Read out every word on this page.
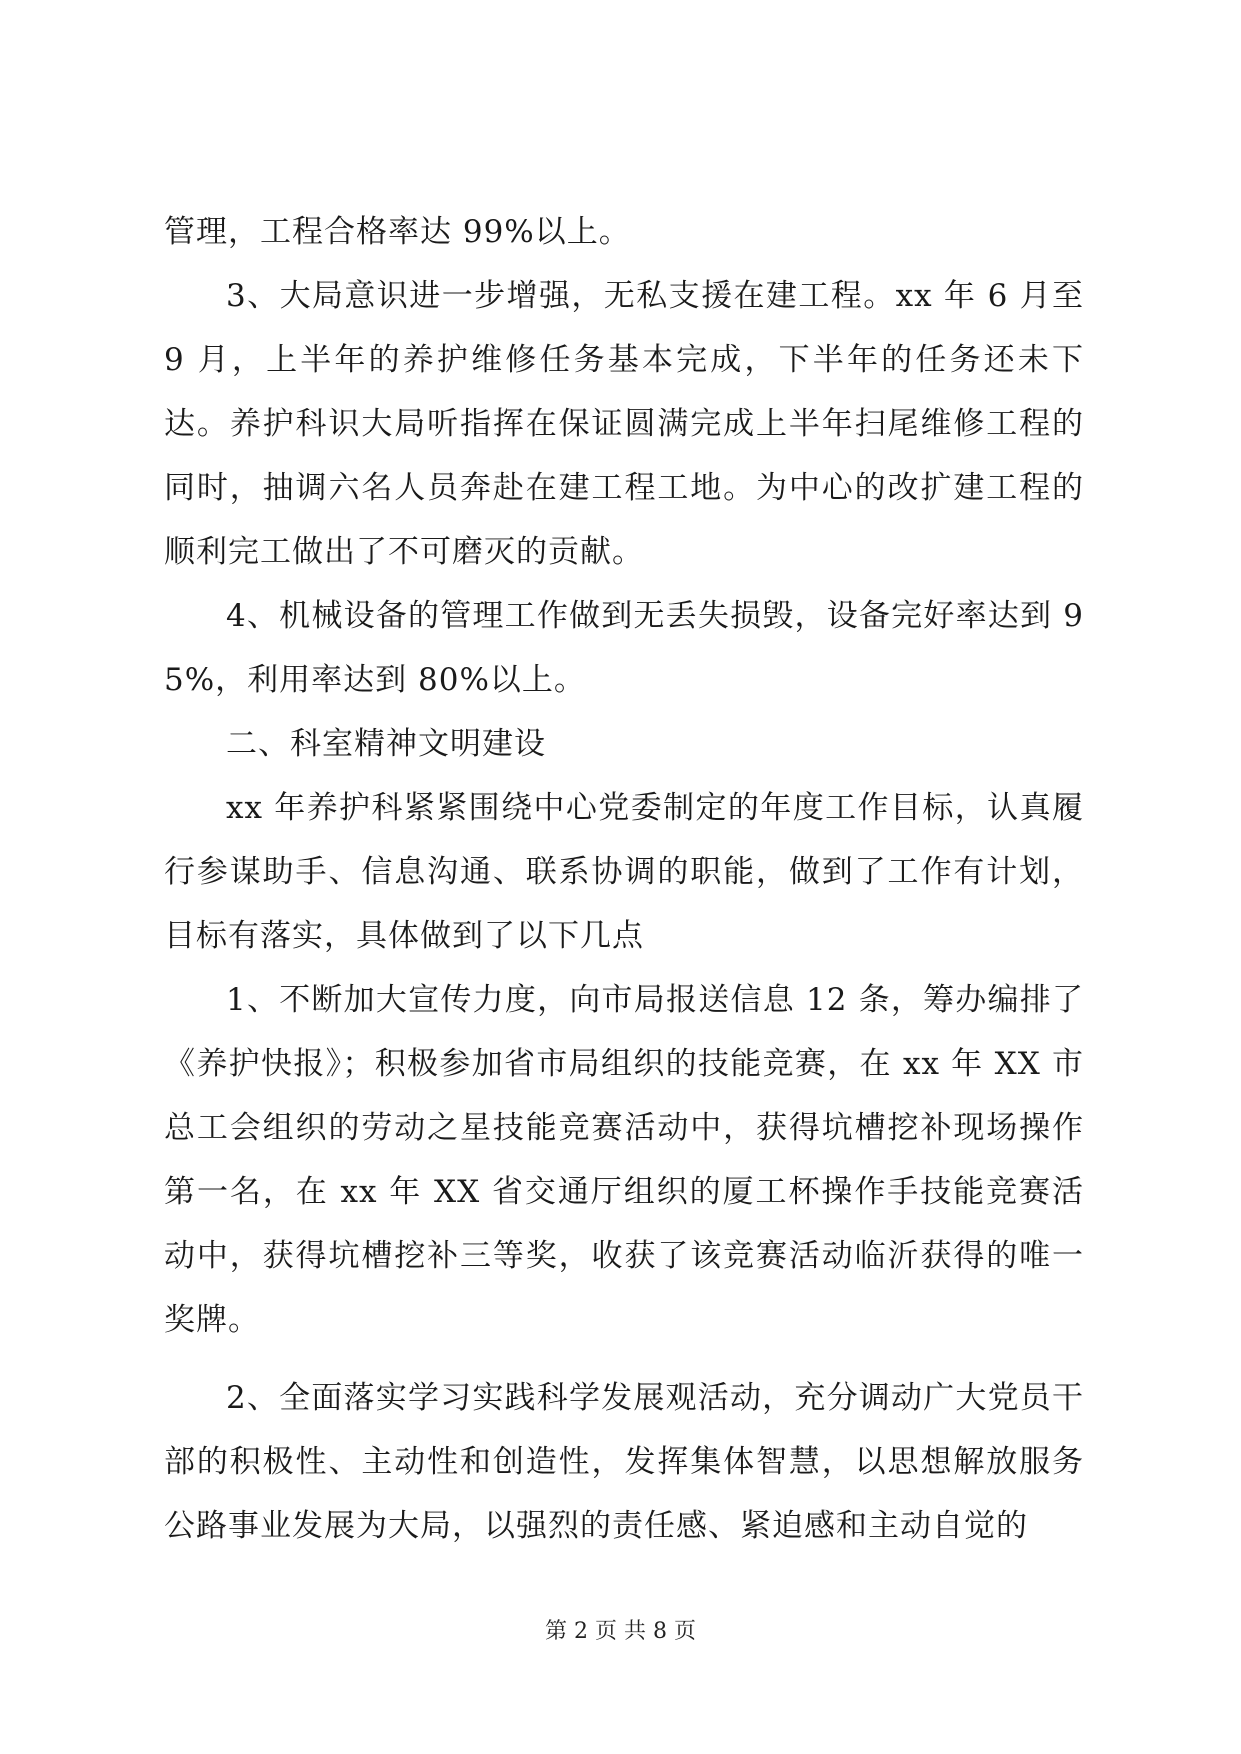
管理，工程合格率达 99%以上。

3、大局意识进一步增强，无私支援在建工程。xx 年 6 月至 9 月，上半年的养护维修任务基本完成，下半年的任务还未下达。养护科识大局听指挥在保证圆满完成上半年扫尾维修工程的同时，抽调六名人员奔赴在建工程工地。为中心的改扩建工程的顺利完工做出了不可磨灭的贡献。

4、机械设备的管理工作做到无丢失损毁，设备完好率达到 95%，利用率达到 80%以上。

二、科室精神文明建设

xx 年养护科紧紧围绕中心党委制定的年度工作目标，认真履行参谋助手、信息沟通、联系协调的职能，做到了工作有计划，目标有落实，具体做到了以下几点

1、不断加大宣传力度，向市局报送信息 12 条，筹办编排了《养护快报》；积极参加省市局组织的技能竞赛，在 xx 年 XX 市总工会组织的劳动之星技能竞赛活动中，获得坑槽挖补现场操作第一名，在 xx 年 XX 省交通厅组织的厦工杯操作手技能竞赛活动中，获得坑槽挖补三等奖，收获了该竞赛活动临沂获得的唯一奖牌。

2、全面落实学习实践科学发展观活动，充分调动广大党员干部的积极性、主动性和创造性，发挥集体智慧，以思想解放服务公路事业发展为大局，以强烈的责任感、紧迫感和主动自觉的

第 2 页 共 8 页
